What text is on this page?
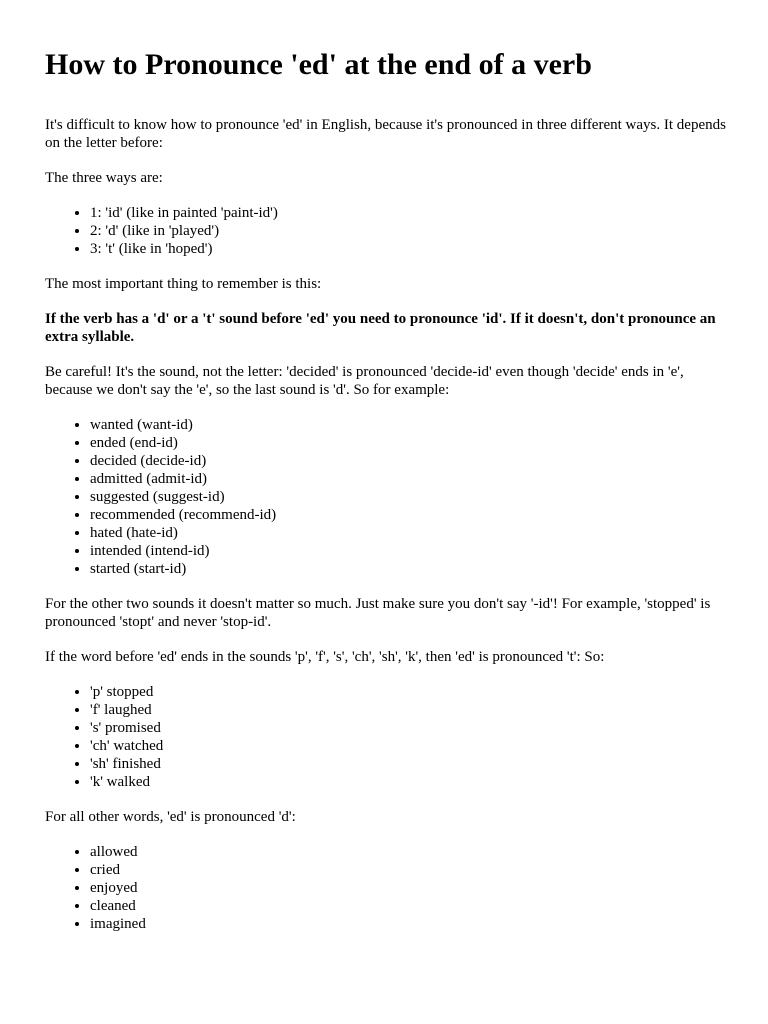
How to Pronounce 'ed' at the end of a verb

It's difficult to know how to pronounce 'ed' in English, because it's pronounced in three different ways. It depends on the letter before:

The three ways are:

• 1: 'id' (like in painted 'paint-id')
• 2: 'd' (like in 'played')
• 3: 't' (like in 'hoped')

The most important thing to remember is this:

If the verb has a 'd' or a 't' sound before 'ed' you need to pronounce 'id'. If it doesn't, don't pronounce an extra syllable.

Be careful! It's the sound, not the letter: 'decided' is pronounced 'decide-id' even though 'decide' ends in 'e', because we don't say the 'e', so the last sound is 'd'. So for example:

• wanted (want-id)
• ended (end-id)
• decided (decide-id)
• admitted (admit-id)
• suggested (suggest-id)
• recommended (recommend-id)
• hated (hate-id)
• intended (intend-id)
• started (start-id)

For the other two sounds it doesn't matter so much. Just make sure you don't say '-id'! For example, 'stopped' is pronounced 'stopt' and never 'stop-id'.

If the word before 'ed' ends in the sounds 'p', 'f', 's', 'ch', 'sh', 'k', then 'ed' is pronounced 't': So:

• 'p' stopped
• 'f' laughed
• 's' promised
• 'ch' watched
• 'sh' finished
• 'k' walked

For all other words, 'ed' is pronounced 'd':

• allowed
• cried
• enjoyed
• cleaned
• imagined
